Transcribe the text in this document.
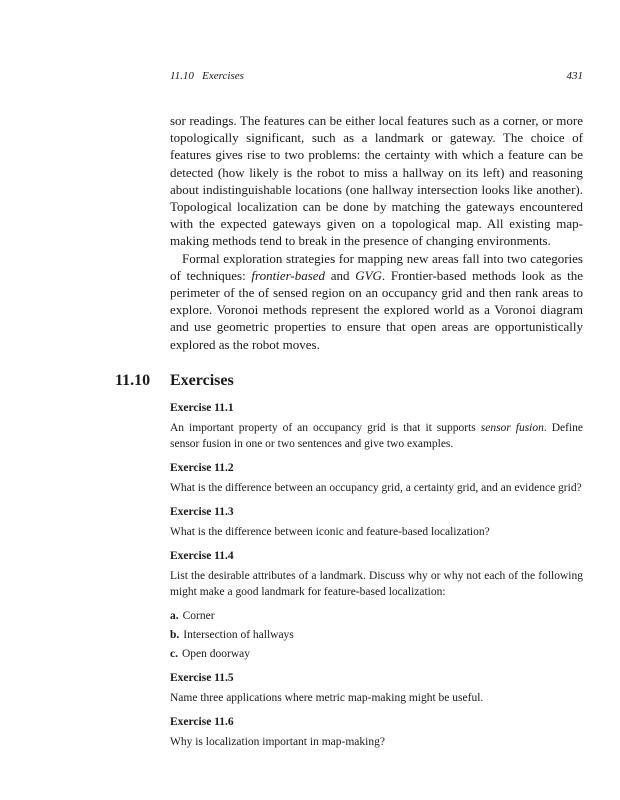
11.10   Exercises	431

sor readings. The features can be either local features such as a corner, or more topologically significant, such as a landmark or gateway. The choice of features gives rise to two problems: the certainty with which a feature can be detected (how likely is the robot to miss a hallway on its left) and reasoning about indistinguishable locations (one hallway intersection looks like another). Topological localization can be done by matching the gateways encountered with the expected gateways given on a topological map. All existing map-making methods tend to break in the presence of changing environments.

Formal exploration strategies for mapping new areas fall into two categories of techniques: frontier-based and GVG. Frontier-based methods look as the perimeter of the of sensed region on an occupancy grid and then rank areas to explore. Voronoi methods represent the explored world as a Voronoi diagram and use geometric properties to ensure that open areas are opportunistically explored as the robot moves.

11.10 Exercises

Exercise 11.1

An important property of an occupancy grid is that it supports sensor fusion. Define sensor fusion in one or two sentences and give two examples.

Exercise 11.2

What is the difference between an occupancy grid, a certainty grid, and an evidence grid?

Exercise 11.3

What is the difference between iconic and feature-based localization?

Exercise 11.4

List the desirable attributes of a landmark. Discuss why or why not each of the following might make a good landmark for feature-based localization:

a. Corner
b. Intersection of hallways
c. Open doorway

Exercise 11.5

Name three applications where metric map-making might be useful.

Exercise 11.6

Why is localization important in map-making?
